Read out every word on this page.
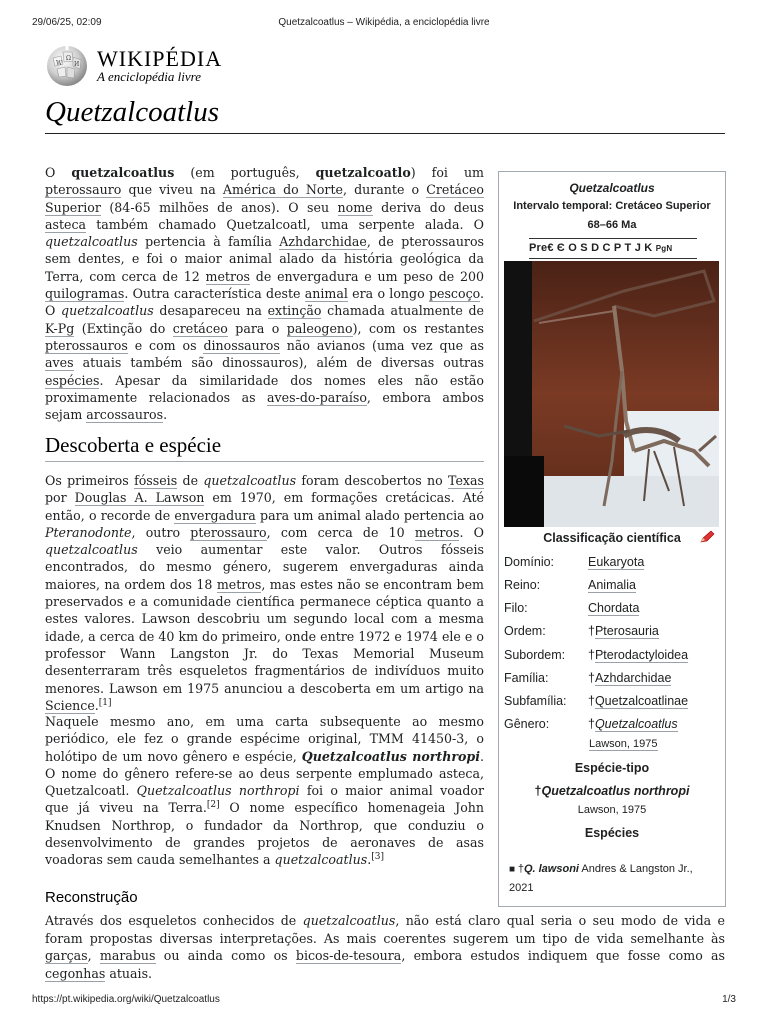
29/06/25, 02:09	Quetzalcoatlus – Wikipédia, a enciclopédia livre
W
Ω
И WIKIPÉDIA
A enciclopédia livre
Quetzalcoatlus

O quetzalcoatlus (em português, quetzalcoatlo) foi um pterossauro que viveu na América do Norte, durante o Cretáceo Superior (84-65 milhões de anos). O seu nome deriva do deus asteca também chamado Quetzalcoatl, uma serpente alada. O quetzalcoatlus pertencia à família Azhdarchidae, de pterossauros sem dentes, e foi o maior animal alado da história geológica da Terra, com cerca de 12 metros de envergadura e um peso de 200 quilogramas. Outra característica deste animal era o longo pescoço. O quetzalcoatlus desapareceu na extinção chamada atualmente de K-Pg (Extinção do cretáceo para o paleogeno), com os restantes pterossauros e com os dinossauros não avianos (uma vez que as aves atuais também são dinossauros), além de diversas outras espécies. Apesar da similaridade dos nomes eles não estão proximamente relacionados as aves-do-paraíso, embora ambos sejam arcossauros.

Descoberta e espécie

Os primeiros fósseis de quetzalcoatlus foram descobertos no Texas por Douglas A. Lawson em 1970, em formações cretácicas. Até então, o recorde de envergadura para um animal alado pertencia ao Pteranodonte, outro pterossauro, com cerca de 10 metros. O quetzalcoatlus veio aumentar este valor. Outros fósseis encontrados, do mesmo género, sugerem envergaduras ainda maiores, na ordem dos 18 metros, mas estes não se encontram bem preservados e a comunidade científica permanece céptica quanto a estes valores. Lawson descobriu um segundo local com a mesma idade, a cerca de 40 km do primeiro, onde entre 1972 e 1974 ele e o professor Wann Langston Jr. do Texas Memorial Museum desenterraram três esqueletos fragmentários de indivíduos muito menores. Lawson em 1975 anunciou a descoberta em um artigo na Science.[1]

Naquele mesmo ano, em uma carta subsequente ao mesmo periódico, ele fez o grande espécime original, TMM 41450-3, o holótipo de um novo gênero e espécie, Quetzalcoatlus northropi. O nome do gênero refere-se ao deus serpente emplumado asteca, Quetzalcoatl. Quetzalcoatlus northropi foi o maior animal voador que já viveu na Terra.[2] O nome específico homenageia John Knudsen Northrop, o fundador da Northrop, que conduziu o desenvolvimento de grandes projetos de aeronaves de asas voadoras sem cauda semelhantes a quetzalcoatlus.[3]

Reconstrução

Através dos esqueletos conhecidos de quetzalcoatlus, não está claro qual seria o seu modo de vida e foram propostas diversas interpretações. As mais coerentes sugerem um tipo de vida semelhante às garças, marabus ou ainda como os bicos-de-tesoura, embora estudos indiquem que fosse como as cegonhas atuais.

Quetzalcoatlus
Intervalo temporal: Cretáceo Superior
68–66 Ma
Pre€ Є O S D C P T J K PgN
Classificação científica
Domínio:	Eukaryota
Reino:	Animalia
Filo:	Chordata
Ordem:	†Pterosauria
Subordem: †Pterodactyloidea
Família:	†Azhdarchidae
Subfamília: †Quetzalcoatlinae
Gênero:	†Quetzalcoatlus
Lawson, 1975
Espécie-tipo
†Quetzalcoatlus northropi
Lawson, 1975
Espécies
■ †Q. lawsoni Andres & Langston Jr., 2021
https://pt.wikipedia.org/wiki/Quetzalcoatlus	1/3
